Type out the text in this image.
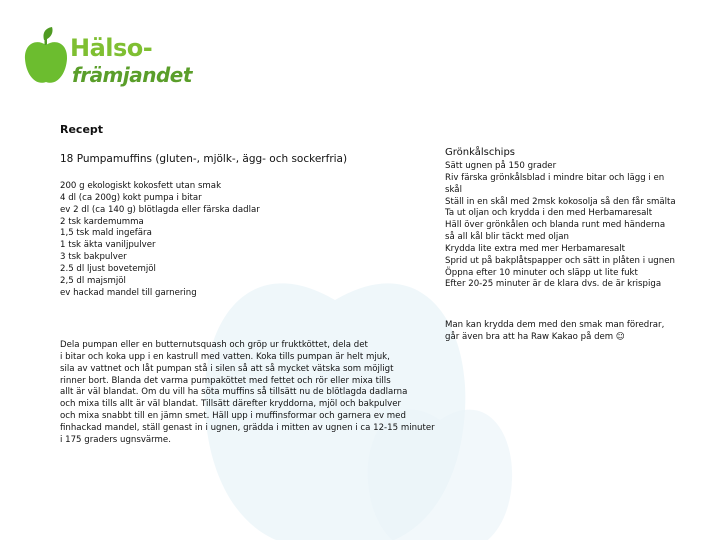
Hälso-
främjandet
Recept
18 Pumpamuffins (gluten-, mjölk-, ägg- och sockerfria)
200 g ekologiskt kokosfett utan smak
4 dl (ca 200g) kokt pumpa i bitar
ev 2 dl (ca 140 g) blötlagda eller färska dadlar
2 tsk kardemumma
1,5 tsk mald ingefära
1 tsk äkta vaniljpulver
3 tsk bakpulver
2.5 dl ljust bovetemjöl
2,5 dl majsmjöl
ev hackad mandel till garnering
Dela pumpan eller en butternutsquash och gröp ur fruktköttet, dela det
i bitar och koka upp i en kastrull med vatten. Koka tills pumpan är helt mjuk,
sila av vattnet och låt pumpan stå i silen så att så mycket vätska som möjligt
rinner bort. Blanda det varma pumpaköttet med fettet och rör eller mixa tills
allt är väl blandat. Om du vill ha söta muffins så tillsätt nu de blötlagda dadlarna
och mixa tills allt är väl blandat. Tillsätt därefter kryddorna, mjöl och bakpulver
och mixa snabbt till en jämn smet. Häll upp i muffinsformar och garnera ev med
finhackad mandel, ställ genast in i ugnen, grädda i mitten av ugnen i ca 12-15 minuter
i 175 graders ugnsvärme.
Grönkålschips
Sätt ugnen på 150 grader
Riv färska grönkålsblad i mindre bitar och lägg i en
skål
Ställ in en skål med 2msk kokosolja så den får smälta
Ta ut oljan och krydda i den med Herbamaresalt
Häll över grönkålen och blanda runt med händerna
så all kål blir täckt med oljan
Krydda lite extra med mer Herbamaresalt
Sprid ut på bakplåtspapper och sätt in plåten i ugnen
Öppna efter 10 minuter och släpp ut lite fukt
Efter 20-25 minuter är de klara dvs. de är krispiga
Man kan krydda dem med den smak man föredrar,
går även bra att ha Raw Kakao på dem ☺
